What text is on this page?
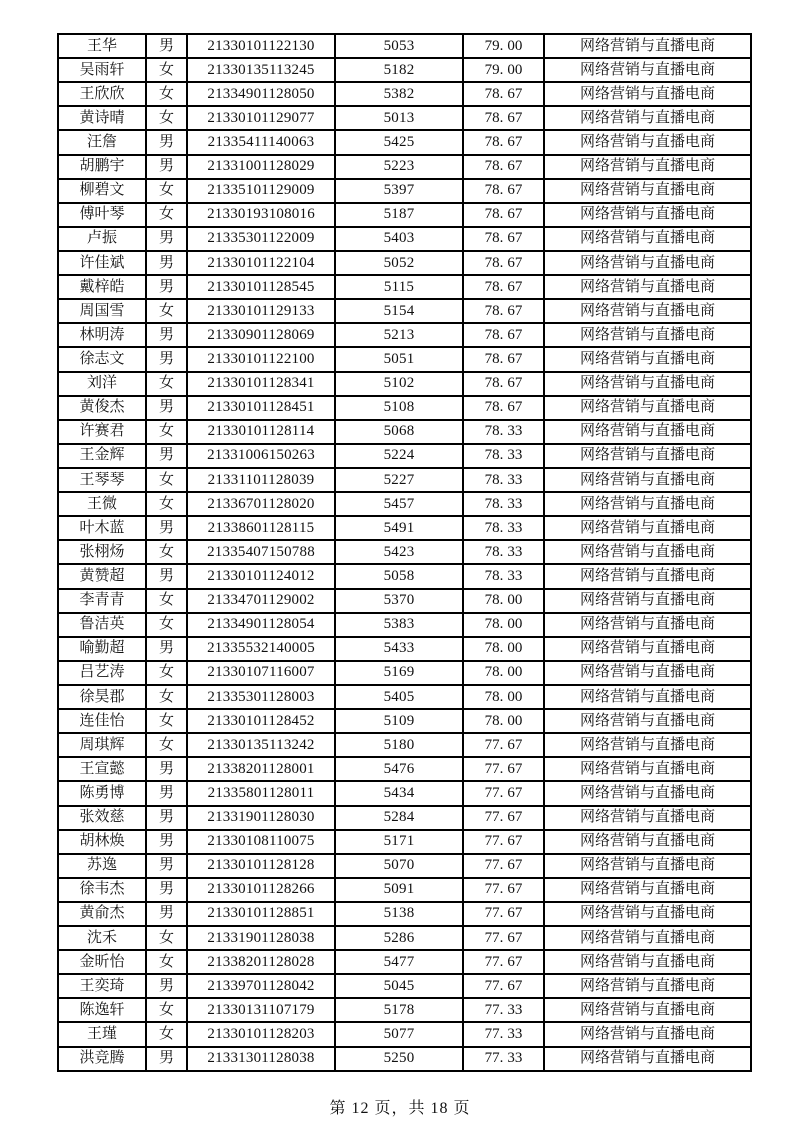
王华	男	21330101122130	5053	79. 00	网络营销与直播电商
吴雨轩	女	21330135113245	5182	79. 00	网络营销与直播电商
王欣欣	女	21334901128050	5382	78. 67	网络营销与直播电商
黄诗晴	女	21330101129077	5013	78. 67	网络营销与直播电商
汪詹	男	21335411140063	5425	78. 67	网络营销与直播电商
胡鹏宇	男	21331001128029	5223	78. 67	网络营销与直播电商
柳碧文	女	21335101129009	5397	78. 67	网络营销与直播电商
傅叶琴	女	21330193108016	5187	78. 67	网络营销与直播电商
卢振	男	21335301122009	5403	78. 67	网络营销与直播电商
许佳斌	男	21330101122104	5052	78. 67	网络营销与直播电商
戴梓皓	男	21330101128545	5115	78. 67	网络营销与直播电商
周国雪	女	21330101129133	5154	78. 67	网络营销与直播电商
林明涛	男	21330901128069	5213	78. 67	网络营销与直播电商
徐志文	男	21330101122100	5051	78. 67	网络营销与直播电商
刘洋	女	21330101128341	5102	78. 67	网络营销与直播电商
黄俊杰	男	21330101128451	5108	78. 67	网络营销与直播电商
许赛君	女	21330101128114	5068	78. 33	网络营销与直播电商
王金辉	男	21331006150263	5224	78. 33	网络营销与直播电商
王琴琴	女	21331101128039	5227	78. 33	网络营销与直播电商
王微	女	21336701128020	5457	78. 33	网络营销与直播电商
叶木蓝	男	21338601128115	5491	78. 33	网络营销与直播电商
张栩炀	女	21335407150788	5423	78. 33	网络营销与直播电商
黄赞超	男	21330101124012	5058	78. 33	网络营销与直播电商
李青青	女	21334701129002	5370	78. 00	网络营销与直播电商
鲁洁英	女	21334901128054	5383	78. 00	网络营销与直播电商
喻勤超	男	21335532140005	5433	78. 00	网络营销与直播电商
吕艺涛	女	21330107116007	5169	78. 00	网络营销与直播电商
徐昊郡	女	21335301128003	5405	78. 00	网络营销与直播电商
连佳怡	女	21330101128452	5109	78. 00	网络营销与直播电商
周琪辉	女	21330135113242	5180	77. 67	网络营销与直播电商
王宣懿	男	21338201128001	5476	77. 67	网络营销与直播电商
陈勇博	男	21335801128011	5434	77. 67	网络营销与直播电商
张效慈	男	21331901128030	5284	77. 67	网络营销与直播电商
胡林焕	男	21330108110075	5171	77. 67	网络营销与直播电商
苏逸	男	21330101128128	5070	77. 67	网络营销与直播电商
徐韦杰	男	21330101128266	5091	77. 67	网络营销与直播电商
黄俞杰	男	21330101128851	5138	77. 67	网络营销与直播电商
沈禾	女	21331901128038	5286	77. 67	网络营销与直播电商
金昕怡	女	21338201128028	5477	77. 67	网络营销与直播电商
王奕琦	男	21339701128042	5045	77. 67	网络营销与直播电商
陈逸轩	女	21330131107179	5178	77. 33	网络营销与直播电商
王瑾	女	21330101128203	5077	77. 33	网络营销与直播电商
洪竞腾	男	21331301128038	5250	77. 33	网络营销与直播电商
第 12 页，共 18 页
